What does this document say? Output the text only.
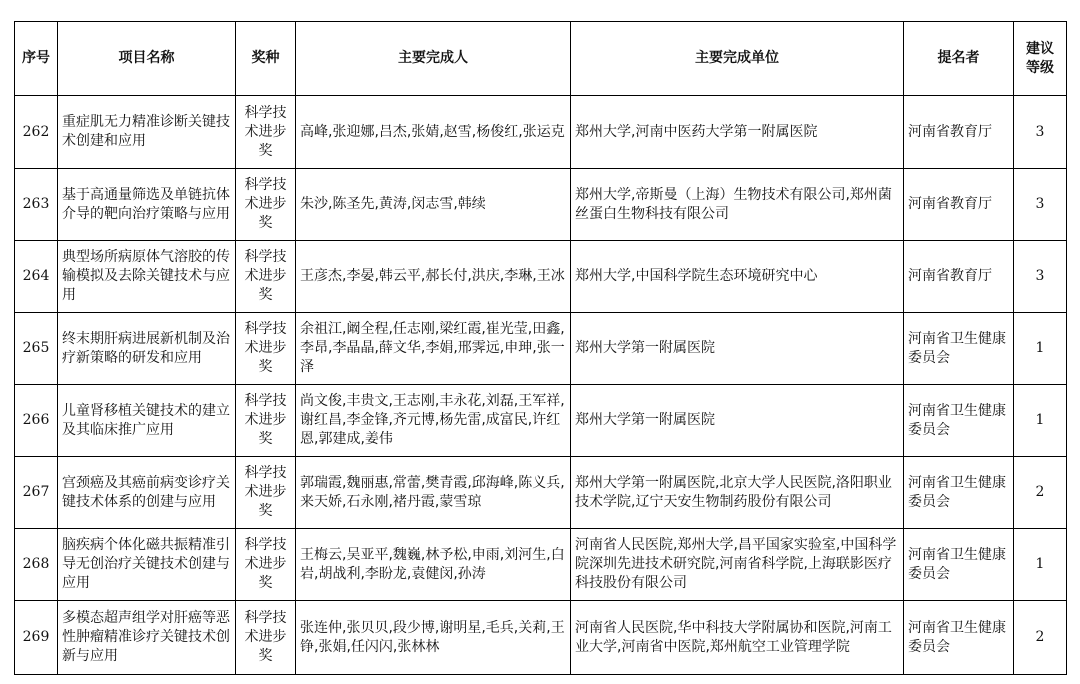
序号	项目名称	奖种	主要完成人	主要完成单位	提名者	建议等级
262	重症肌无力精准诊断关键技术创建和应用	科学技术进步奖	高峰,张迎娜,吕杰,张婧,赵雪,杨俊红,张运克	郑州大学,河南中医药大学第一附属医院	河南省教育厅	3
263	基于高通量筛选及单链抗体介导的靶向治疗策略与应用	科学技术进步奖	朱沙,陈圣先,黄涛,闵志雪,韩续	郑州大学,帝斯曼（上海）生物技术有限公司,郑州菌丝蛋白生物科技有限公司	河南省教育厅	3
264	典型场所病原体气溶胶的传输模拟及去除关键技术与应用	科学技术进步奖	王彦杰,李晏,韩云平,郝长付,洪庆,李琳,王冰	郑州大学,中国科学院生态环境研究中心	河南省教育厅	3
265	终末期肝病进展新机制及治疗新策略的研发和应用	科学技术进步奖	余祖江,阚全程,任志刚,梁红霞,崔光莹,田鑫,李昂,李晶晶,薛文华,李娟,邢霁远,申珅,张一泽	郑州大学第一附属医院	河南省卫生健康委员会	1
266	儿童肾移植关键技术的建立及其临床推广应用	科学技术进步奖	尚文俊,丰贵文,王志刚,丰永花,刘磊,王军祥,谢红昌,李金锋,齐元博,杨先雷,成富民,许红恩,郭建成,姜伟	郑州大学第一附属医院	河南省卫生健康委员会	1
267	宫颈癌及其癌前病变诊疗关键技术体系的创建与应用	科学技术进步奖	郭瑞霞,魏丽惠,常蕾,樊青霞,邱海峰,陈义兵,来天娇,石永刚,褚丹霞,蒙雪琼	郑州大学第一附属医院,北京大学人民医院,洛阳职业技术学院,辽宁天安生物制药股份有限公司	河南省卫生健康委员会	2
268	脑疾病个体化磁共振精准引导无创治疗关键技术创建与应用	科学技术进步奖	王梅云,吴亚平,魏巍,林予松,申雨,刘河生,白岩,胡战利,李盼龙,袁健闵,孙涛	河南省人民医院,郑州大学,昌平国家实验室,中国科学院深圳先进技术研究院,河南省科学院,上海联影医疗科技股份有限公司	河南省卫生健康委员会	1
269	多模态超声组学对肝癌等恶性肿瘤精准诊疗关键技术创新与应用	科学技术进步奖	张连仲,张贝贝,段少博,谢明星,毛兵,关莉,王铮,张娟,任闪闪,张林林	河南省人民医院,华中科技大学附属协和医院,河南工业大学,河南省中医院,郑州航空工业管理学院	河南省卫生健康委员会	2
